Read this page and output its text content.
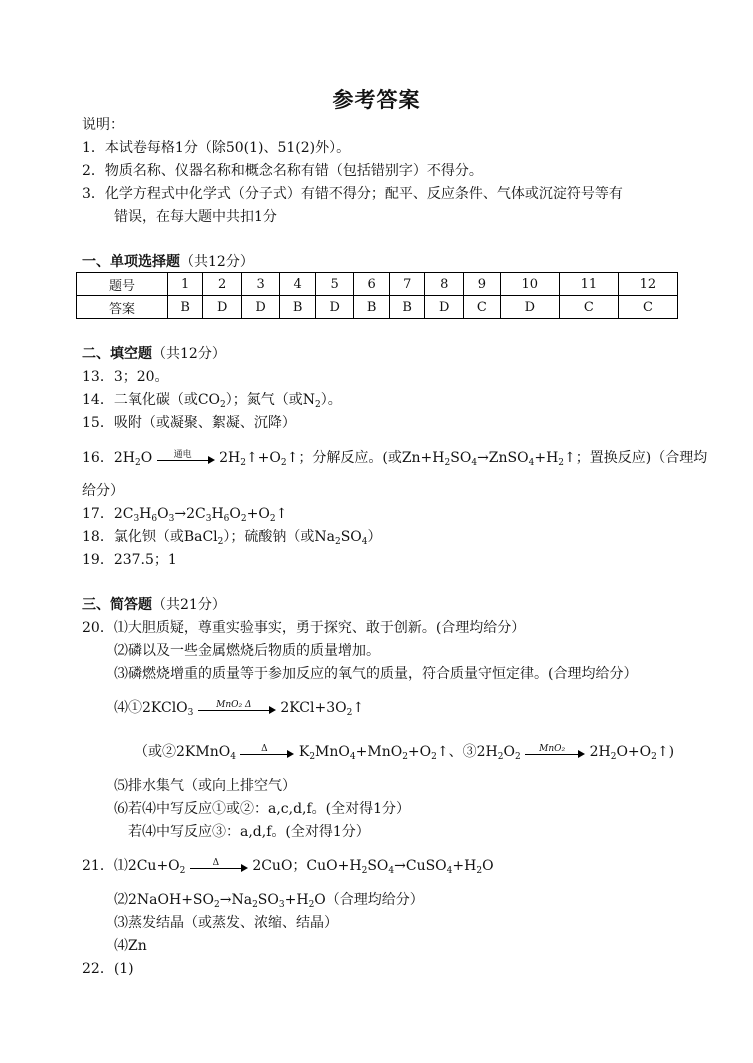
参考答案
说明：
1．本试卷每格1分（除50(1)、51(2)外）。
2．物质名称、仪器名称和概念名称有错（包括错别字）不得分。
3．化学方程式中化学式（分子式）有错不得分；配平、反应条件、气体或沉淀符号等有
错误，在每大题中共扣1分
一、单项选择题（共12分）
题号	1	2	3	4	5	6	7	8	9	10	11	12
答案	B	D	D	B	D	B	B	D	C	D	C	C
二、填空题（共12分）
13．3；20。
14．二氧化碳（或$CO_2$）；氮气（或$N_2$）。
15．吸附（或凝聚、絮凝、沉降）
16．$2H_2O$	通电	$2H_2↑+O_2↑$；分解反应。(或$Zn+H_2SO_4\to ZnSO_4+H_2↑$；置换反应)（合理均
给分）
17．$2C_3H_6O_3\to 2C_3H_6O_2+O_2↑$
18．氯化钡（或BaCl$_2$）；硫酸钠（或$Na_2SO_4$）
19．237.5；1
三、简答题（共21分）
20．⑴大胆质疑，尊重实验事实，勇于探究、敢于创新。(合理均给分）
⑵磷以及一些金属燃烧后物质的质量增加。
⑶磷燃烧增重的质量等于参加反应的氧气的质量，符合质量守恒定律。(合理均给分）
⑷①2KClO$_3$
MnO₂ Δ	$2KCl+3O_2↑$
（或②2KMnO$_4$
Δ	$K_2MnO_4+MnO_2+O_2↑$、$③2H_2O_2$
MnO₂	$2H_2O+O_2↑$)
⑸排水集气（或向上排空气）
⑹若⑷中写反应①或②：a,c,d,f。(全对得1分）
若⑷中写反应③：a,d,f。(全对得1分）
21．$⑴2Cu+O_2$
Δ	2CuO；$CuO+H_2SO_4\to CuSO_4+H_2O$
$⑵2NaOH+SO_2\to Na_2SO_3+H_2O$（合理均给分）
⑶蒸发结晶（或蒸发、浓缩、结晶）
⑷Zn
22．(1)
